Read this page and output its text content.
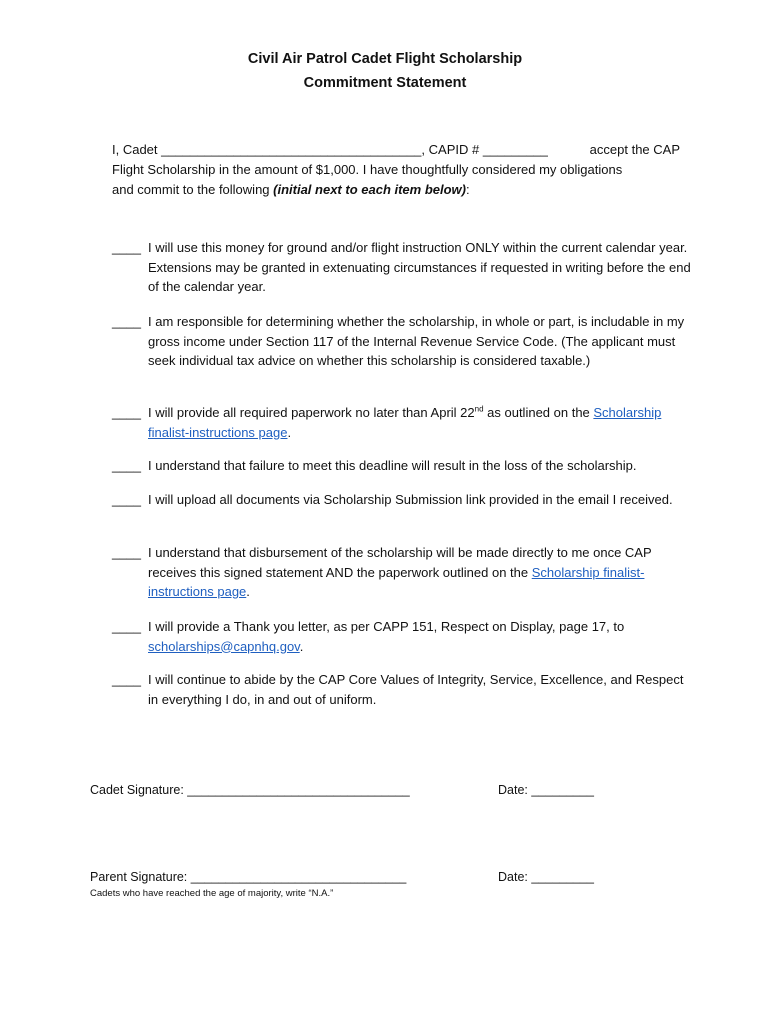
Civil Air Patrol Cadet Flight Scholarship
Commitment Statement
I, Cadet ____________________________________, CAPID # _________	accept the CAP
Flight Scholarship in the amount of $1,000. I have thoughtfully considered my obligations
and commit to the following (initial next to each item below):
____ I will use this money for ground and/or flight instruction ONLY within the current calendar year. Extensions may be granted in extenuating circumstances if requested in writing before the end of the calendar year.
____ I am responsible for determining whether the scholarship, in whole or part, is includable in my gross income under Section 117 of the Internal Revenue Service Code. (The applicant must seek individual tax advice on whether this scholarship is considered taxable.)
____ I will provide all required paperwork no later than April 22nd as outlined on the Scholarship finalist-instructions page.
____ I understand that failure to meet this deadline will result in the loss of the scholarship.
____ I will upload all documents via Scholarship Submission link provided in the email I received.
____ I understand that disbursement of the scholarship will be made directly to me once CAP receives this signed statement AND the paperwork outlined on the Scholarship finalist-instructions page.
____ I will provide a Thank you letter, as per CAPP 151, Respect on Display, page 17, to scholarships@capnhq.gov.
____ I will continue to abide by the CAP Core Values of Integrity, Service, Excellence, and Respect in everything I do, in and out of uniform.
Cadet Signature: ________________________________	Date: _________
Parent Signature: _______________________________	Date: _________
Cadets who have reached the age of majority, write “N.A.”
